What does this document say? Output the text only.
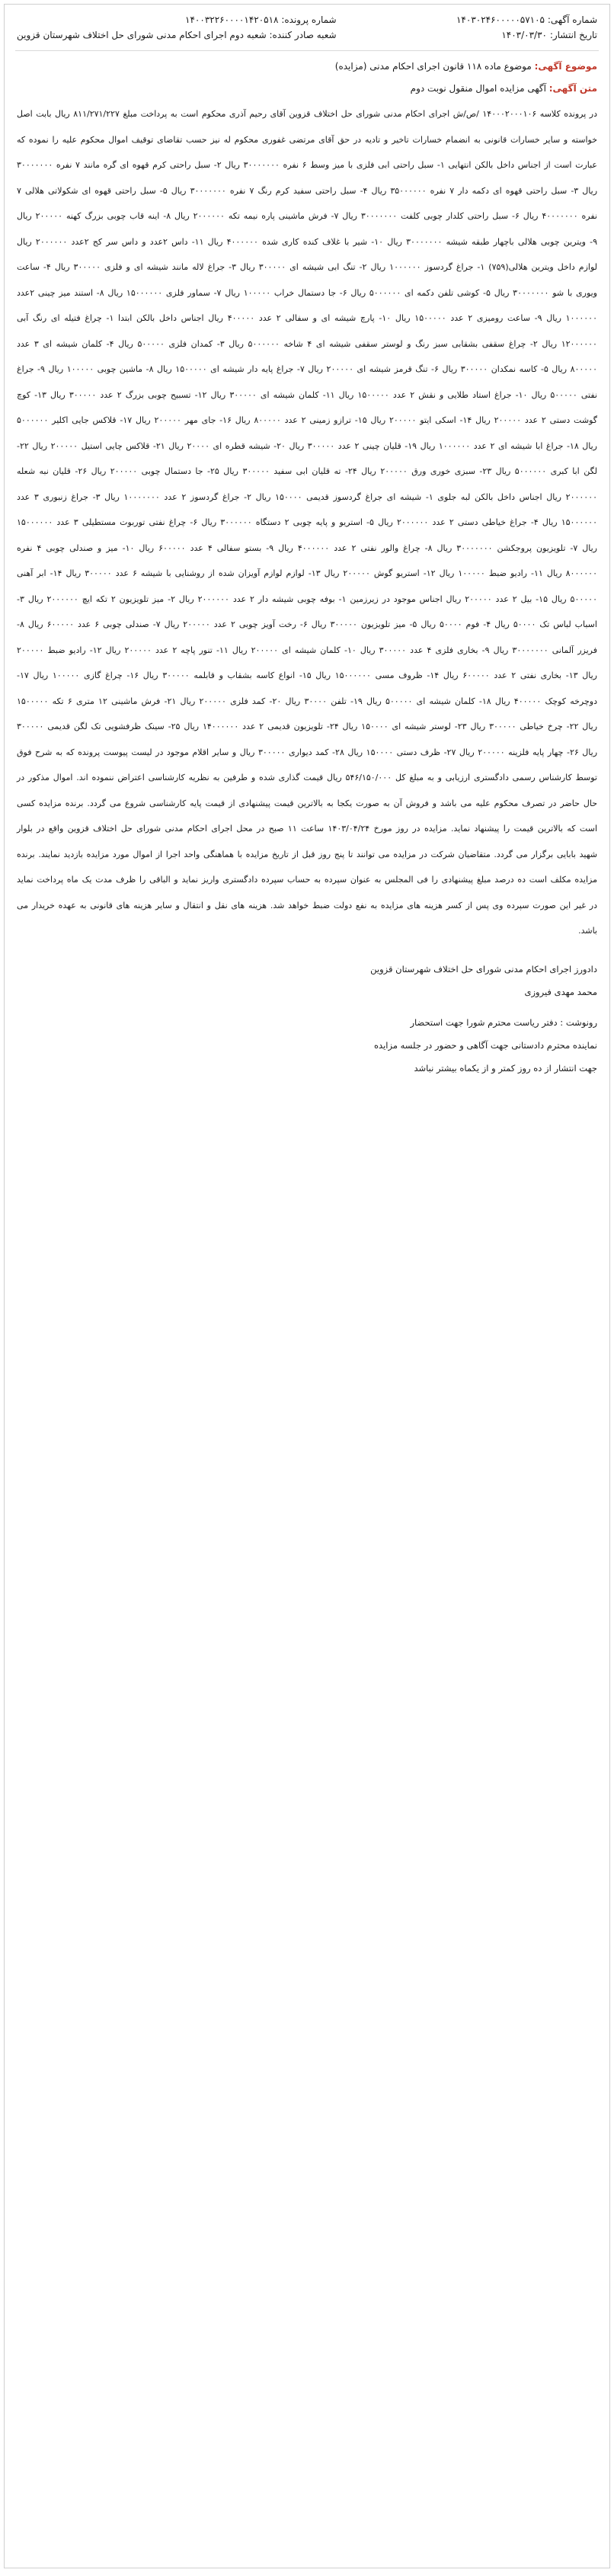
شماره آگهی: ۱۴۰۳۰۲۴۶۰۰۰۰۰۵۷۱۰۵
تاریخ انتشار: ۱۴۰۳/۰۳/۳۰
شماره پرونده: ۱۴۰۰۳۲۲۶۰۰۰۰۱۴۲۰۵۱۸
شعبه صادر کننده: شعبه دوم اجرای احکام مدنی شورای حل اختلاف شهرستان قزوین
موضوع آگهی: موضوع ماده ۱۱۸ قانون اجرای احکام مدنی (مزایده)
متن آگهی: آگهی مزایده اموال منقول نوبت دوم

در پرونده کلاسه ۱۴۰۰۰۲۰۰۰۱۰۶ /ص/ش اجرای احکام مدنی شورای حل اختلاف قزوین آقای رحیم آذری محکوم است به پرداخت مبلغ ۸۱۱/۲۷۱/۲۲۷ ریال بابت اصل خواسته و سایر خسارات قانونی به انضمام خسارات تاخیر و تادیه در حق آقای مرتضی غفوری محکوم له نیز حسب تقاضای توقیف اموال محکوم علیه را نموده که عبارت است از اجناس داخل بالکن انتهایی ۱- سبل راحتی ابی فلزی با میز وسط ۶ نفره ۳۰۰۰۰۰۰۰ ریال ۲- سبل راحتی کرم قهوه ای گره مانند ۷ نفره ۳۰۰۰۰۰۰۰ ریال ۳- سبل راحتی قهوه ای دکمه دار ۷ نفره ۳۵۰۰۰۰۰۰ ریال ۴- سبل راحتی سفید کرم رنگ ۷ نفره ۳۰۰۰۰۰۰۰ ریال ۵- سبل راحتی قهوه ای شکولاتی هلالی ۷ نفره ۴۰۰۰۰۰۰۰ ریال ۶- سبل راحتی کلدار چوبی کلفت ۳۰۰۰۰۰۰۰ ریال ۷- فرش ماشینی پاره نیمه تکه ۲۰۰۰۰۰۰ ریال ۸- اینه قاب چوبی بزرگ کهنه ۲۰۰۰۰۰ ریال ۹- ویترین چوبی هلالی باچهار طبقه شیشه ۳۰۰۰۰۰۰۰ ریال ۱۰- شیر با غلاف کنده کاری شده ۴۰۰۰۰۰۰ ریال ۱۱- داس ۲عدد و داس سر کج ۲عدد ۲۰۰۰۰۰۰ ریال لوازم داخل ویترین هلالی(۷۵۹) ۱- جراغ گردسوز ۱۰۰۰۰۰۰ ریال ۲- تنگ ابی شیشه ای ۳۰۰۰۰۰ ریال ۳- جراغ لاله مانند شیشه ای و فلزی ۳۰۰۰۰۰ ریال ۴- ساعت ویوری با شو ۳۰۰۰۰۰۰۰ ریال ۵- کوشی تلفن دکمه ای ۵۰۰۰۰۰۰ ریال ۶- جا دستمال خراب ۱۰۰۰۰۰ ریال ۷- سماور فلزی ۱۵۰۰۰۰۰۰ ریال ۸- استند میز چینی ۲عدد ۱۰۰۰۰۰۰ ریال ۹- ساعت رومیزی ۲ عدد ۱۵۰۰۰۰۰ ریال ۱۰- پارچ شیشه ای و سفالی ۲ عدد ۴۰۰۰۰۰ ریال اجناس داخل بالکن ابتدا ۱- چراغ فتیله ای رنگ آبی ۱۲۰۰۰۰۰۰ ریال ۲- چراغ سقفی بشقابی سبز رنگ و لوستر سقفی شیشه ای ۴ شاخه ۵۰۰۰۰۰۰ ریال ۳- کمدان فلزی ۵۰۰۰۰۰ ریال ۴- کلمان شیشه ای ۳ عدد ۸۰۰۰۰۰ ریال ۵- کاسه نمکدان ۳۰۰۰۰۰ ریال ۶- تنگ قرمز شیشه ای ۲۰۰۰۰۰ ریال ۷- جراغ پایه دار شیشه ای ۱۵۰۰۰۰۰ ریال ۸- ماشین چوبی ۱۰۰۰۰۰ ریال ۹- جراغ نفتی ۵۰۰۰۰۰ ریال ۱۰- جراغ استاد طلایی و نقش ۲ عدد ۱۵۰۰۰۰۰ ریال ۱۱- کلمان شیشه ای ۳۰۰۰۰۰ ریال ۱۲- تسبیح چوبی بزرگ ۲ عدد ۳۰۰۰۰۰ ریال ۱۳- کوچ گوشت دستی ۲ عدد ۲۰۰۰۰۰ ریال ۱۴- اسکی ایتو ۲۰۰۰۰۰ ریال ۱۵- ترازو زمینی ۲ عدد ۸۰۰۰۰۰ ریال ۱۶- جای مهر ۲۰۰۰۰۰ ریال ۱۷- قلاکس جایی اکلیر ۵۰۰۰۰۰۰ ریال ۱۸- جراغ ابا شیشه ای ۲ عدد ۱۰۰۰۰۰۰ ریال ۱۹- قلیان چینی ۲ عدد ۳۰۰۰۰۰ ریال ۲۰- شیشه قطره ای ۲۰۰۰۰ ریال ۲۱- قلاکس چایی استیل ۲۰۰۰۰۰ ریال ۲۲- لگن ابا کبری ۵۰۰۰۰۰۰ ریال ۲۳- سبزی خوری ورق ۲۰۰۰۰۰ ریال ۲۴- ته قلیان ابی سفید ۳۰۰۰۰۰ ریال ۲۵- جا دستمال چوبی ۲۰۰۰۰۰ ریال ۲۶- قلیان نبه شعله ۲۰۰۰۰۰۰ ریال اجناس داخل بالکن لبه جلوی ۱- شیشه ای جراغ گردسوز قدیمی ۱۵۰۰۰۰ ریال ۲- جراغ گردسوز ۲ عدد ۱۰۰۰۰۰۰۰ ریال ۳- جراغ زنبوری ۳ عدد ۱۵۰۰۰۰۰۰ ریال ۴- جراغ خیاطی دستی ۲ عدد ۲۰۰۰۰۰۰ ریال ۵- استریو و پایه چوبی ۲ دستگاه ۳۰۰۰۰۰۰ ریال ۶- چراغ نفتی توربوت مستطیلی ۳ عدد ۱۵۰۰۰۰۰۰ ریال ۷- تلویزیون پروجکشن ۳۰۰۰۰۰۰۰ ریال ۸- چراغ والور نفتی ۲ عدد ۴۰۰۰۰۰۰ ریال ۹- بستو سفالی ۴ عدد ۶۰۰۰۰۰ ریال ۱۰- میز و صندلی چوبی ۴ نفره ۸۰۰۰۰۰۰ ریال ۱۱- رادیو ضبط ۱۰۰۰۰۰ ریال ۱۲- استریو گوش ۲۰۰۰۰۰ ریال ۱۳- لوازم لوازم آویزان شده از روشنایی با شیشه ۶ عدد ۳۰۰۰۰۰ ریال ۱۴- ابر آهنی ۵۰۰۰۰۰ ریال ۱۵- بیل ۲ عدد ۲۰۰۰۰۰ ریال اجناس موجود در زیرزمین ۱- بوفه چوبی شیشه دار ۲ عدد ۲۰۰۰۰۰۰ ریال ۲- میز تلویزیون ۲ تکه ایچ ۲۰۰۰۰۰۰ ریال ۳- اسباب لباس تک ۵۰۰۰۰ ریال ۴- فوم ۵۰۰۰۰ ریال ۵- میز تلویزیون ۳۰۰۰۰۰ ریال ۶- رخت آویز چوبی ۲ عدد ۲۰۰۰۰۰ ریال ۷- صندلی چوبی ۶ عدد ۶۰۰۰۰۰ ریال ۸- فریزر آلمانی ۳۰۰۰۰۰۰۰ ریال ۹- بخاری فلزی ۴ عدد ۳۰۰۰۰۰ ریال ۱۰- کلمان شیشه ای ۲۰۰۰۰۰ ریال ۱۱- تنور پاچه ۲ عدد ۲۰۰۰۰۰ ریال ۱۲- رادیو ضبط ۲۰۰۰۰۰ ریال ۱۳- بخاری نفتی ۲ عدد ۶۰۰۰۰۰ ریال ۱۴- ظروف مسی ۱۵۰۰۰۰۰۰ ریال ۱۵- انواع کاسه بشقاب و قابلمه ۳۰۰۰۰۰ ریال ۱۶- چراغ گازی ۱۰۰۰۰۰ ریال ۱۷- دوچرخه کوچک ۴۰۰۰۰۰ ریال ۱۸- کلمان شیشه ای ۵۰۰۰۰۰ ریال ۱۹- تلفن ۳۰۰۰۰ ریال ۲۰- کمد فلزی ۲۰۰۰۰۰ ریال ۲۱- فرش ماشینی ۱۲ متری ۶ تکه ۱۵۰۰۰۰۰ ریال ۲۲- چرخ خیاطی ۳۰۰۰۰۰ ریال ۲۳- لوستر شیشه ای ۱۵۰۰۰۰ ریال ۲۴- تلویزیون قدیمی ۲ عدد ۱۴۰۰۰۰۰۰ ریال ۲۵- سینک ظرفشویی تک لگن قدیمی ۳۰۰۰۰۰ ریال ۲۶- چهار پایه فلزینه ۲۰۰۰۰۰ ریال ۲۷- ظرف دستی ۱۵۰۰۰۰ ریال ۲۸- کمد دیواری ۳۰۰۰۰۰ ریال و سایر اقلام موجود در لیست پیوست پرونده که به شرح فوق توسط کارشناس رسمی دادگستری ارزیابی و به مبلغ کل ۵۴۶/۱۵۰/۰۰۰ ریال قیمت گذاری شده و طرفین به نظریه کارشناسی اعتراض ننموده اند. اموال مذکور در حال حاضر در تصرف محکوم علیه می باشد و فروش آن به صورت یکجا به بالاترین قیمت پیشنهادی از قیمت پایه کارشناسی شروع می گردد. برنده مزایده کسی است که بالاترین قیمت را پیشنهاد نماید. مزایده در روز مورخ ۱۴۰۳/۰۴/۲۴ ساعت ۱۱ صبح در محل اجرای احکام مدنی شورای حل اختلاف قزوین واقع در بلوار شهید بابایی برگزار می گردد. متقاضیان شرکت در مزایده می توانند تا پنج روز قبل از تاریخ مزایده با هماهنگی واحد اجرا از اموال مورد مزایده بازدید نمایند. برنده مزایده مکلف است ده درصد مبلغ پیشنهادی را فی المجلس به عنوان سپرده به حساب سپرده دادگستری واریز نماید و الباقی را ظرف مدت یک ماه پرداخت نماید در غیر این صورت سپرده وی پس از کسر هزینه های مزایده به نفع دولت ضبط خواهد شد. هزینه های نقل و انتقال و سایر هزینه های قانونی به عهده خریدار می باشد.

دادورز اجرای احکام مدنی شورای حل اختلاف شهرستان قزوین
محمد مهدی فیروزی
رونوشت : دفتر ریاست محترم شورا جهت استحضار
نماینده محترم دادستانی جهت آگاهی و حضور در جلسه مزایده
جهت انتشار از ده روز کمتر و از یکماه بیشتر نباشد
